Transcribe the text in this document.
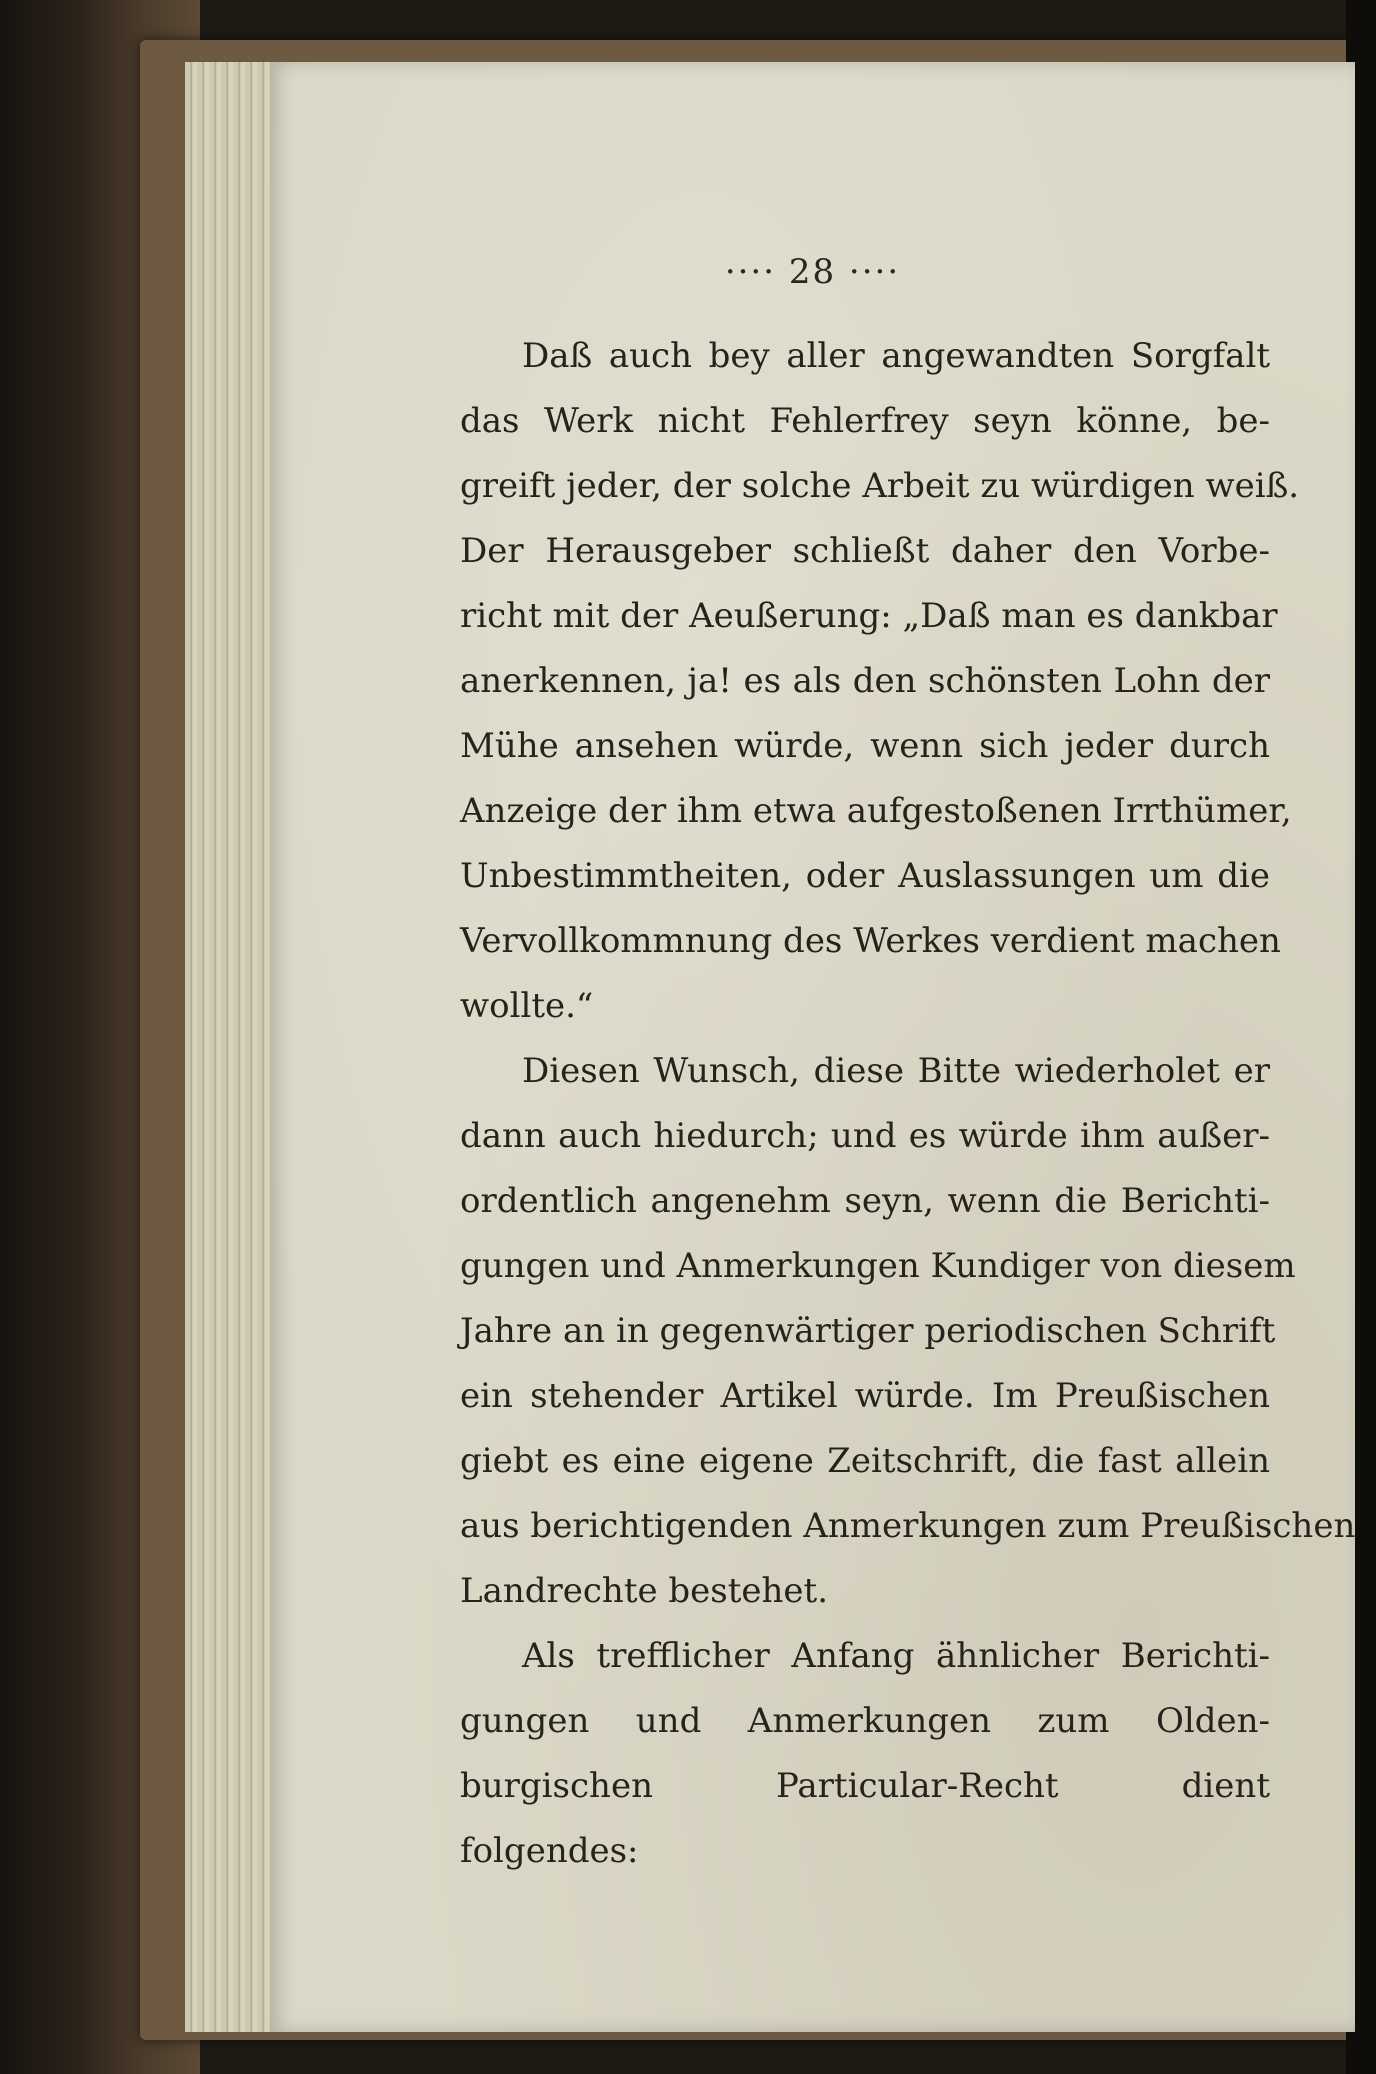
···· 28 ····
Daß auch bey aller angewandten Sorgfalt
das Werk nicht Fehlerfrey seyn könne, be-
greift jeder, der solche Arbeit zu würdigen weiß.
Der Herausgeber schließt daher den Vorbe-
richt mit der Aeußerung: „Daß man es dankbar
anerkennen, ja! es als den schönsten Lohn der
Mühe ansehen würde, wenn sich jeder durch
Anzeige der ihm etwa aufgestoßenen Irrthümer,
Unbestimmtheiten, oder Auslassungen um die
Vervollkommnung des Werkes verdient machen
wollte.“
Diesen Wunsch, diese Bitte wiederholet er
dann auch hiedurch; und es würde ihm außer-
ordentlich angenehm seyn, wenn die Berichti-
gungen und Anmerkungen Kundiger von diesem
Jahre an in gegenwärtiger periodischen Schrift
ein stehender Artikel würde. Im Preußischen
giebt es eine eigene Zeitschrift, die fast allein
aus berichtigenden Anmerkungen zum Preußischen
Landrechte bestehet.
Als trefflicher Anfang ähnlicher Berichti-
gungen und Anmerkungen zum Olden-
burgischen Particular-Recht dient
folgendes:
